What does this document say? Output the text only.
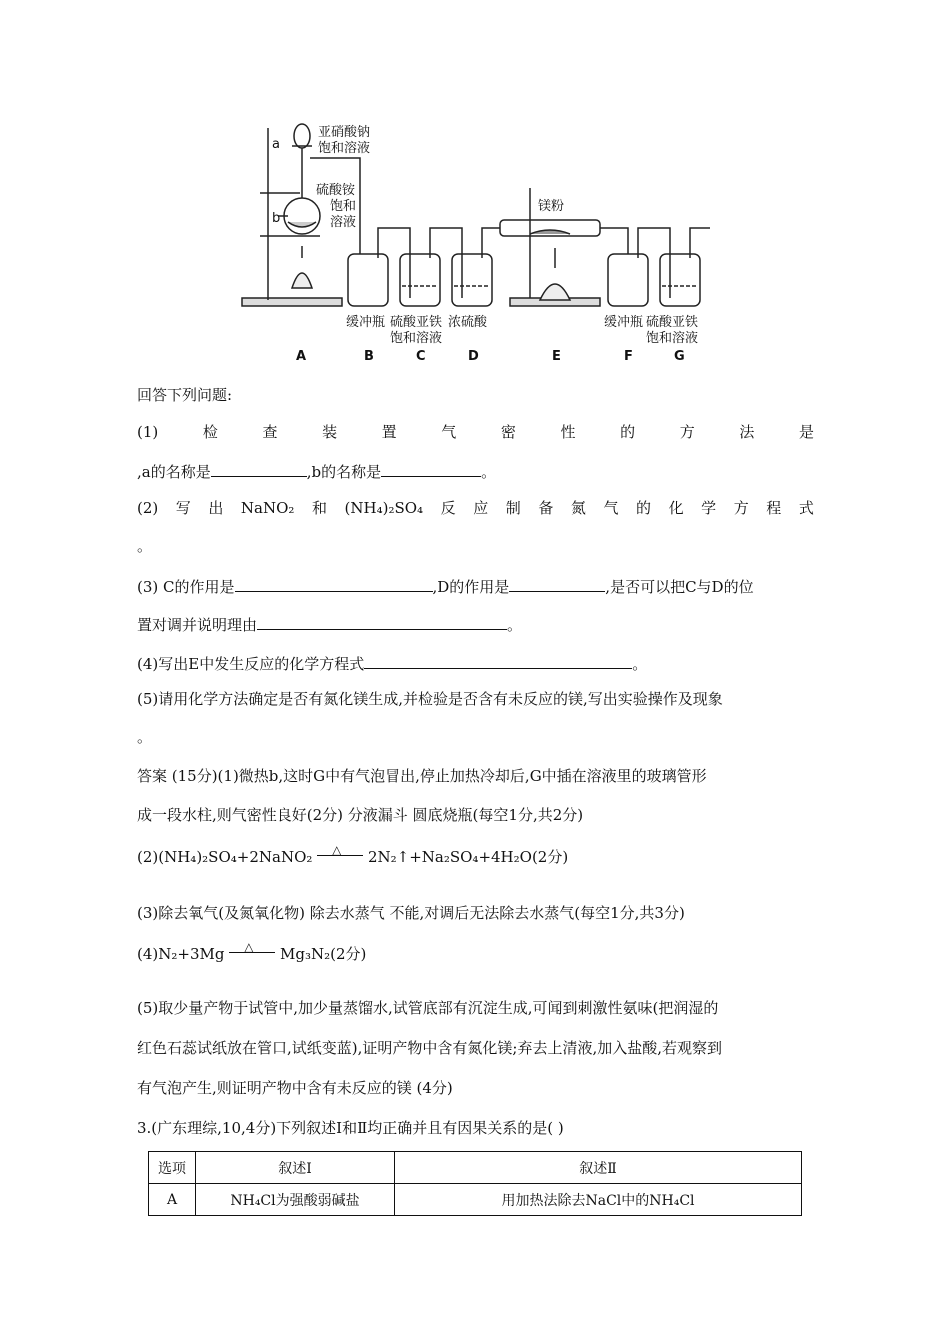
亚硝酸钠
饱和溶液
硫酸铵
饱和
溶液
a
b
镁粉
缓冲瓶 硫酸亚铁
饱和溶液
浓硫酸	缓冲瓶 硫酸亚铁
饱和溶液
A	B	C	D	E	F	G
回答下列问题:
(1)	检	查	装	置	气	密	性	的	方	法	是
,a的名称是	,b的名称是	。
(2) 写 出 NaNO₂ 和 (NH₄)₂SO₄ 反 应 制 备 氮 气 的 化 学 方 程 式
。
(3) C的作用是	,D的作用是	,是否可以把C与D的位
置对调并说明理由	。
(4)写出E中发生反应的化学方程式	。
(5)请用化学方法确定是否有氮化镁生成,并检验是否含有未反应的镁,写出实验操作及现象
。
答案 (15分)(1)微热b,这时G中有气泡冒出,停止加热冷却后,G中插在溶液里的玻璃管形
成一段水柱,则气密性良好(2分) 分液漏斗 圆底烧瓶(每空1分,共2分)
(2)(NH₄)₂SO₄+2NaNO₂ △ 2N₂↑+Na₂SO₄+4H₂O(2分)
(3)除去氧气(及氮氧化物) 除去水蒸气 不能,对调后无法除去水蒸气(每空1分,共3分)
(4)N₂+3Mg △ Mg₃N₂(2分)
(5)取少量产物于试管中,加少量蒸馏水,试管底部有沉淀生成,可闻到刺激性氨味(把润湿的
红色石蕊试纸放在管口,试纸变蓝),证明产物中含有氮化镁;弃去上清液,加入盐酸,若观察到
有气泡产生,则证明产物中含有未反应的镁 (4分)
3.(广东理综,10,4分)下列叙述Ⅰ和Ⅱ均正确并且有因果关系的是( )
选项	叙述Ⅰ	叙述Ⅱ
A	NH₄Cl为强酸弱碱盐	用加热法除去NaCl中的NH₄Cl
